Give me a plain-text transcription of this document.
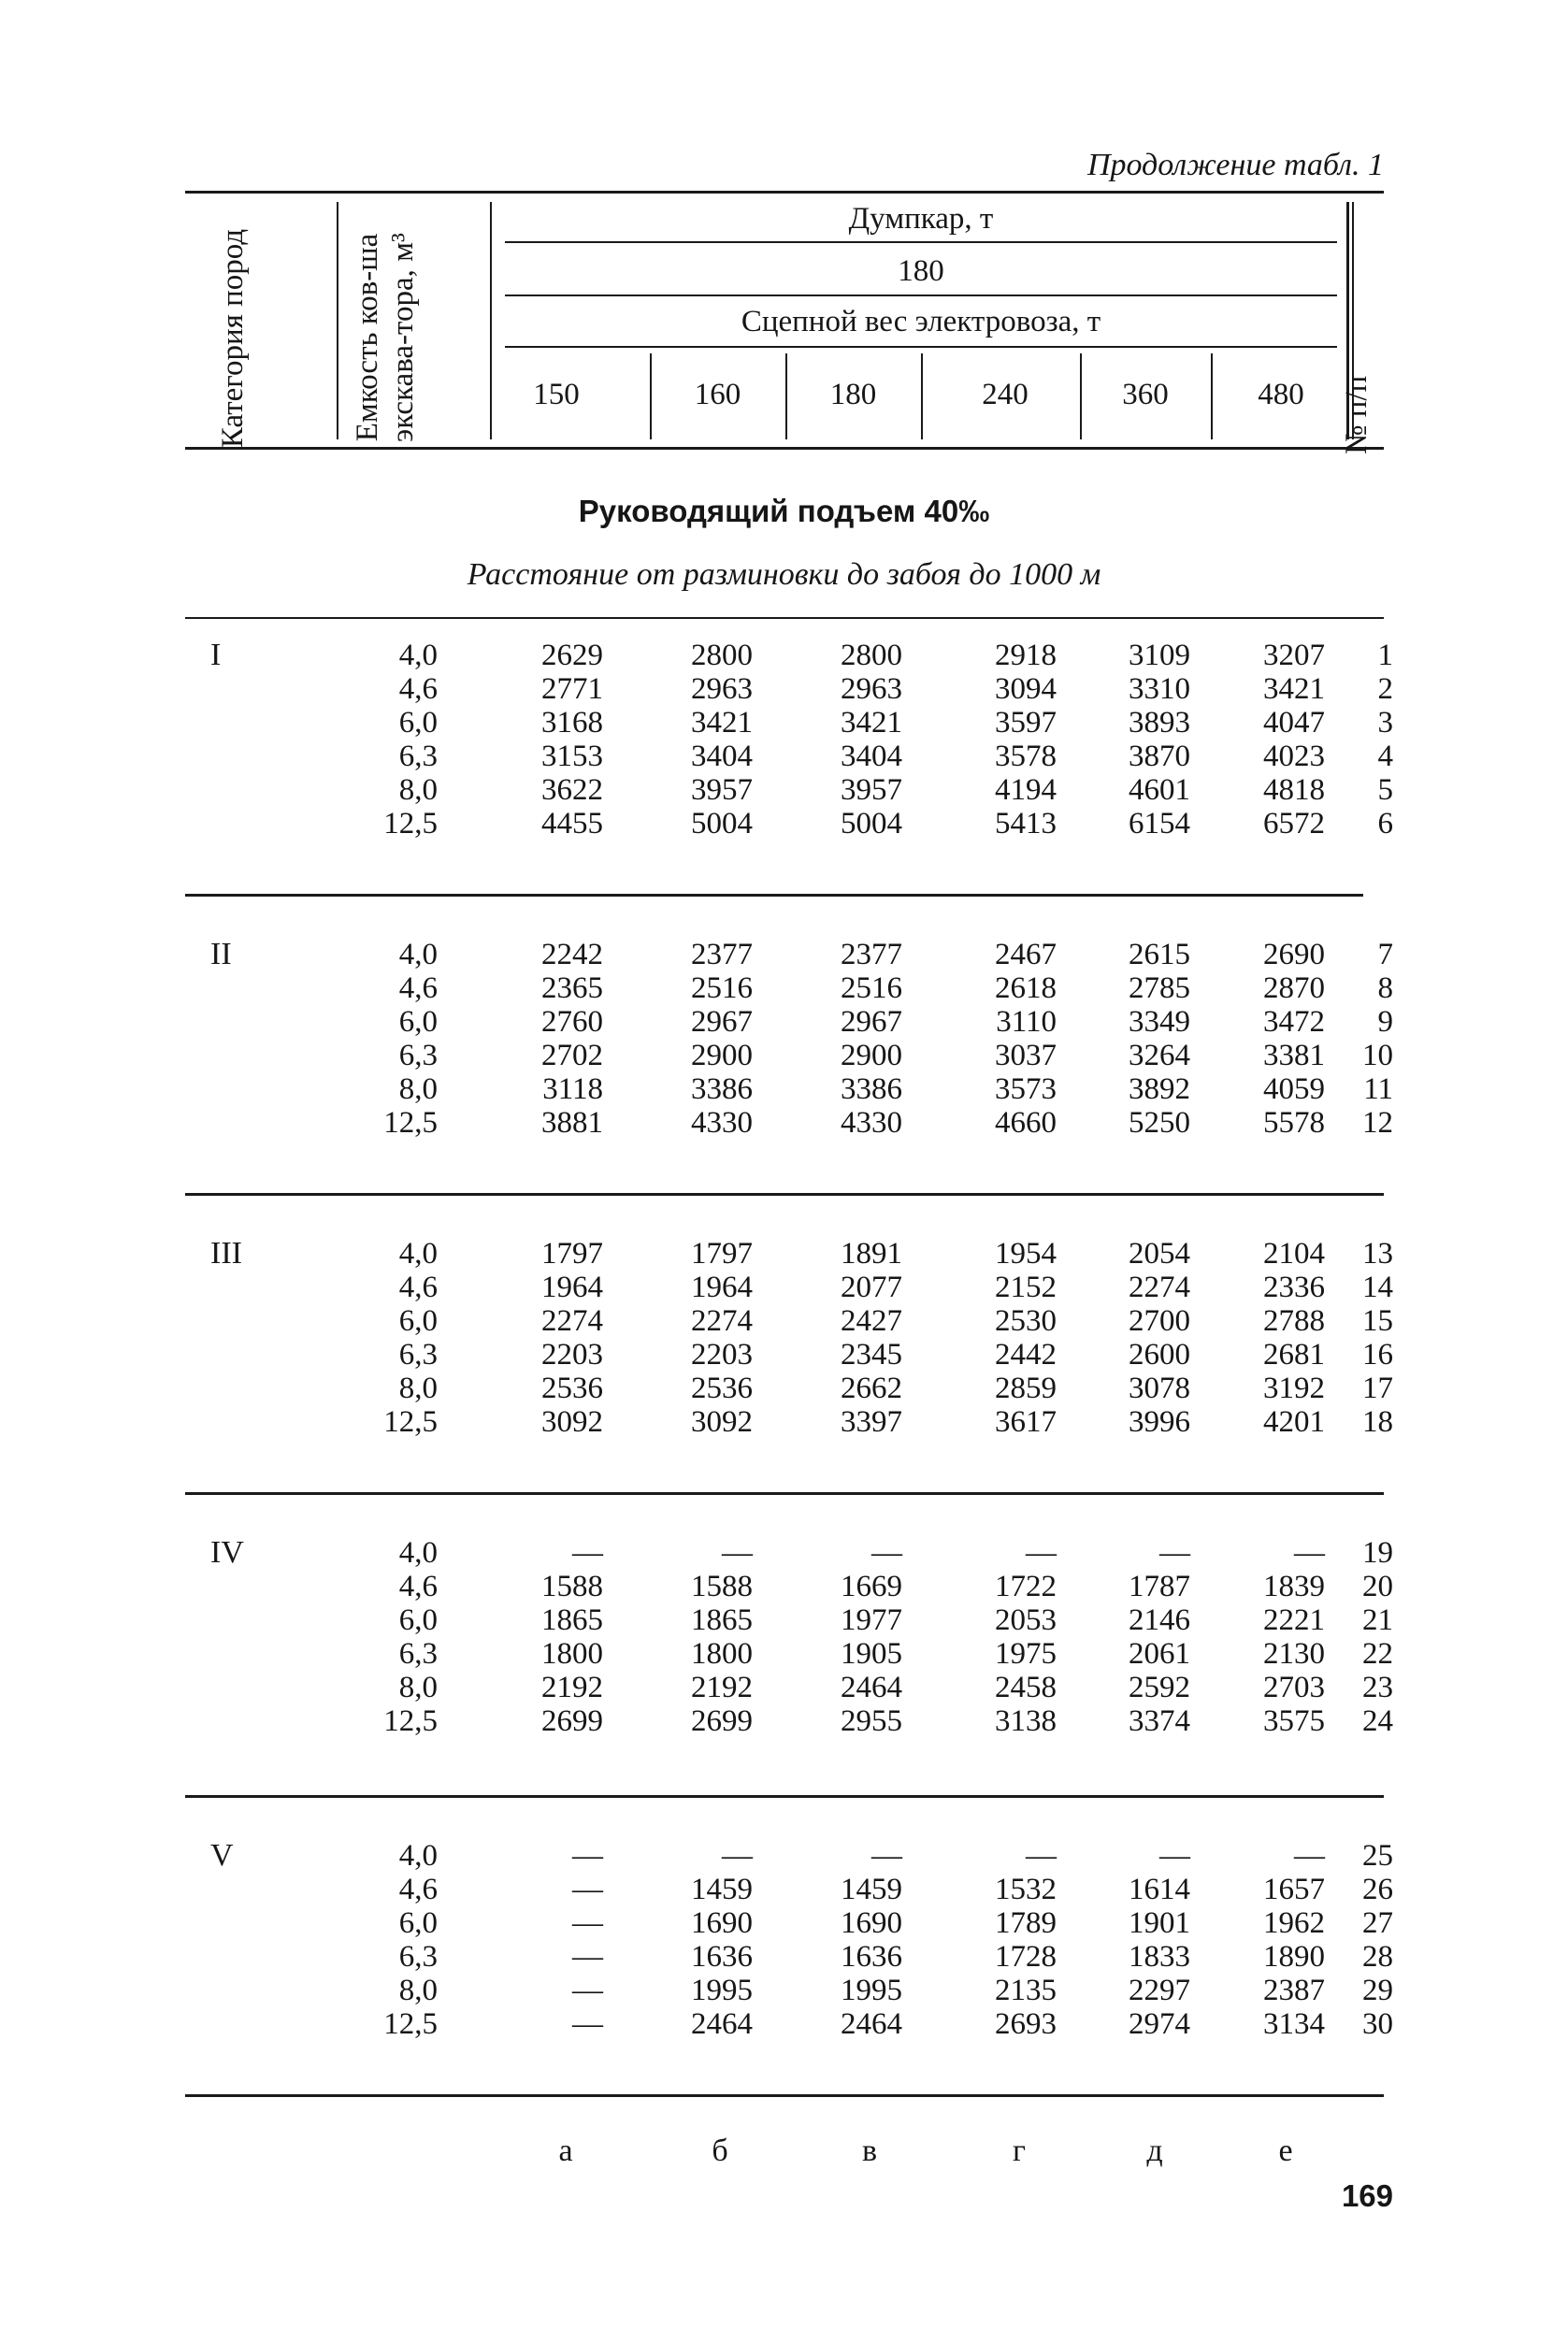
Продолжение табл. 1
Категория пород	Емкость ков-ша экскава-тора, м³	№ п/п
Думпкар, т
180
Сцепной вес электровоза, т
150	160	180	240	360	480
Руководящий подъем 40‰
Расстояние от разминовки до забоя до 1000 м
I	4,0	2629	2800	2800	2918	3109	3207	1
4,6	2771	2963	2963	3094	3310	3421	2
6,0	3168	3421	3421	3597	3893	4047	3
6,3	3153	3404	3404	3578	3870	4023	4
8,0	3622	3957	3957	4194	4601	4818	5
12,5	4455	5004	5004	5413	6154	6572	6
II	4,0	2242	2377	2377	2467	2615	2690	7
4,6	2365	2516	2516	2618	2785	2870	8
6,0	2760	2967	2967	3110	3349	3472	9
6,3	2702	2900	2900	3037	3264	3381	10
8,0	3118	3386	3386	3573	3892	4059	11
12,5	3881	4330	4330	4660	5250	5578	12
III	4,0	1797	1797	1891	1954	2054	2104	13
4,6	1964	1964	2077	2152	2274	2336	14
6,0	2274	2274	2427	2530	2700	2788	15
6,3	2203	2203	2345	2442	2600	2681	16
8,0	2536	2536	2662	2859	3078	3192	17
12,5	3092	3092	3397	3617	3996	4201	18
IV	4,0	—	—	—	—	—	—	19
4,6	1588	1588	1669	1722	1787	1839	20
6,0	1865	1865	1977	2053	2146	2221	21
6,3	1800	1800	1905	1975	2061	2130	22
8,0	2192	2192	2464	2458	2592	2703	23
12,5	2699	2699	2955	3138	3374	3575	24
V	4,0	—	—	—	—	—	—	25
4,6	—	1459	1459	1532	1614	1657	26
6,0	—	1690	1690	1789	1901	1962	27
6,3	—	1636	1636	1728	1833	1890	28
8,0	—	1995	1995	2135	2297	2387	29
12,5	—	2464	2464	2693	2974	3134	30
а	б	в	г	д	е
169
